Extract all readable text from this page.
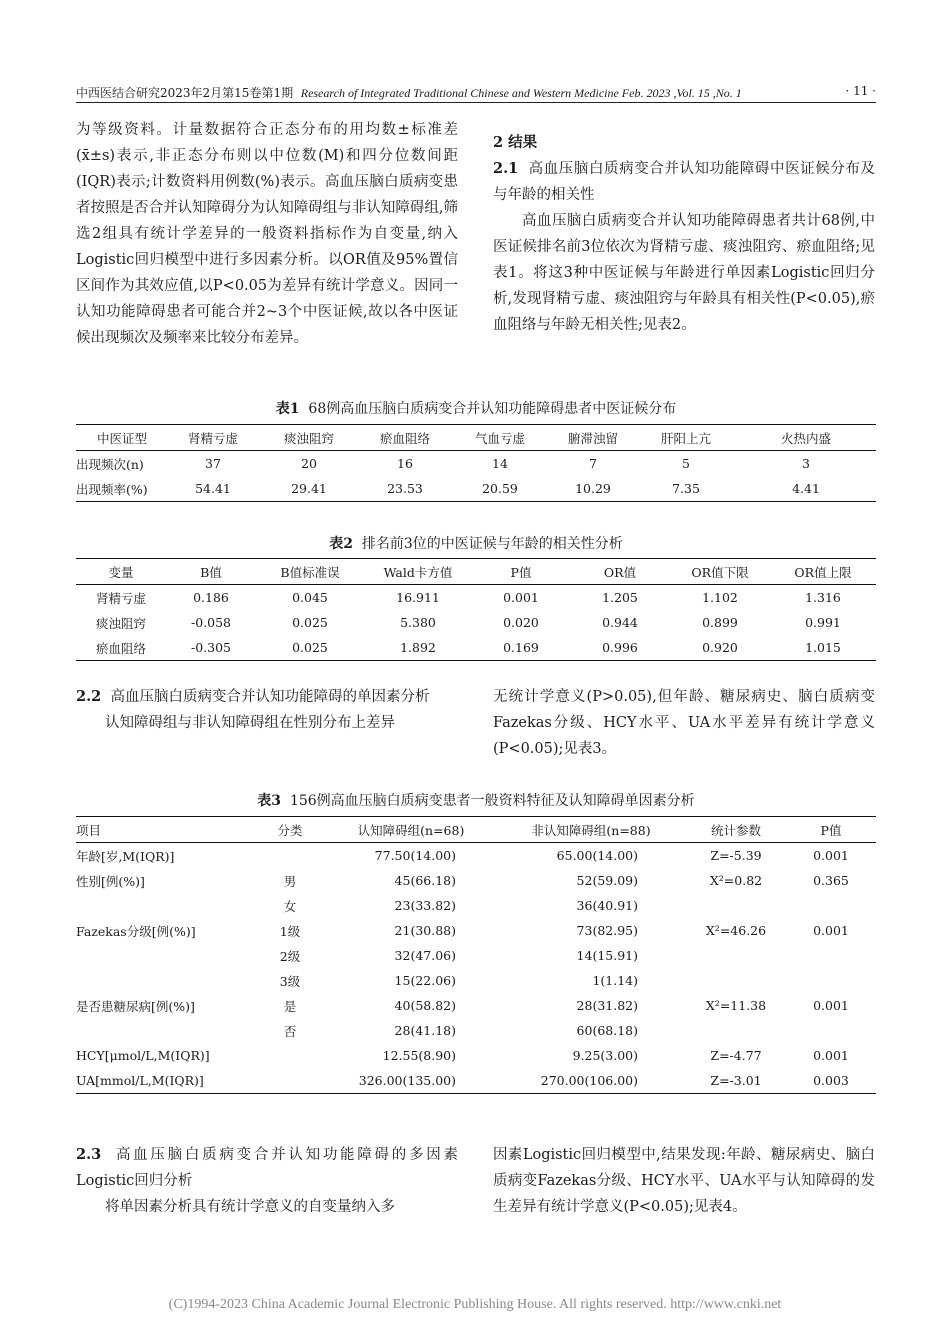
中西医结合研究2023年2月第15卷第1期 Research of Integrated Traditional Chinese and Western Medicine Feb. 2023 ,Vol. 15 ,No. 1	· 11 ·

为等级资料。计量数据符合正态分布的用均数±标准差(x̄±s)表示,非正态分布则以中位数(M)和四分位数间距(IQR)表示;计数资料用例数(%)表示。高血压脑白质病变患者按照是否合并认知障碍分为认知障碍组与非认知障碍组,筛选2组具有统计学差异的一般资料指标作为自变量,纳入Logistic回归模型中进行多因素分析。以OR值及95%置信区间作为其效应值,以P<0.05为差异有统计学意义。因同一认知功能障碍患者可能合并2~3个中医证候,故以各中医证候出现频次及频率来比较分布差异。

2 结果

2.1 高血压脑白质病变合并认知功能障碍中医证候分布及与年龄的相关性

高血压脑白质病变合并认知功能障碍患者共计68例,中医证候排名前3位依次为肾精亏虚、痰浊阻窍、瘀血阻络;见表1。将这3种中医证候与年龄进行单因素Logistic回归分析,发现肾精亏虚、痰浊阻窍与年龄具有相关性(P<0.05),瘀血阻络与年龄无相关性;见表2。

表1 68例高血压脑白质病变合并认知功能障碍患者中医证候分布
中医证型	肾精亏虚	痰浊阻窍	瘀血阻络	气血亏虚	腑滞浊留	肝阳上亢	火热内盛
出现频次(n)	37	20	16	14	7	5	3
出现频率(%)	54.41	29.41	23.53	20.59	10.29	7.35	4.41
表2 排名前3位的中医证候与年龄的相关性分析
变量	B值	B值标准误	Wald卡方值	P值	OR值	OR值下限	OR值上限
肾精亏虚	0.186	0.045	16.911	0.001	1.205	1.102	1.316
痰浊阻窍	-0.058	0.025	5.380	0.020	0.944	0.899	0.991
瘀血阻络	-0.305	0.025	1.892	0.169	0.996	0.920	1.015

2.2 高血压脑白质病变合并认知功能障碍的单因素分析

认知障碍组与非认知障碍组在性别分布上差异

无统计学意义(P>0.05),但年龄、糖尿病史、脑白质病变Fazekas分级、HCY水平、UA水平差异有统计学意义(P<0.05);见表3。

表3 156例高血压脑白质病变患者一般资料特征及认知障碍单因素分析
项目	分类	认知障碍组(n=68)	非认知障碍组(n=88)	统计参数	P值
年龄[岁,M(IQR)]		77.50(14.00)	65.00(14.00)	Z=-5.39	0.001
性别[例(%)]	男	45(66.18)	52(59.09)	X²=0.82	0.365
	女	23(33.82)	36(40.91)		
Fazekas分级[例(%)]	1级	21(30.88)	73(82.95)	X²=46.26	0.001
	2级	32(47.06)	14(15.91)		
	3级	15(22.06)	1(1.14)		
是否患糖尿病[例(%)]	是	40(58.82)	28(31.82)	X²=11.38	0.001
	否	28(41.18)	60(68.18)		
HCY[μmol/L,M(IQR)]		12.55(8.90)	9.25(3.00)	Z=-4.77	0.001
UA[mmol/L,M(IQR)]		326.00(135.00)	270.00(106.00)	Z=-3.01	0.003

2.3 高血压脑白质病变合并认知功能障碍的多因素Logistic回归分析

将单因素分析具有统计学意义的自变量纳入多

因素Logistic回归模型中,结果发现:年龄、糖尿病史、脑白质病变Fazekas分级、HCY水平、UA水平与认知障碍的发生差异有统计学意义(P<0.05);见表4。

(C)1994-2023 China Academic Journal Electronic Publishing House. All rights reserved. http://www.cnki.net
